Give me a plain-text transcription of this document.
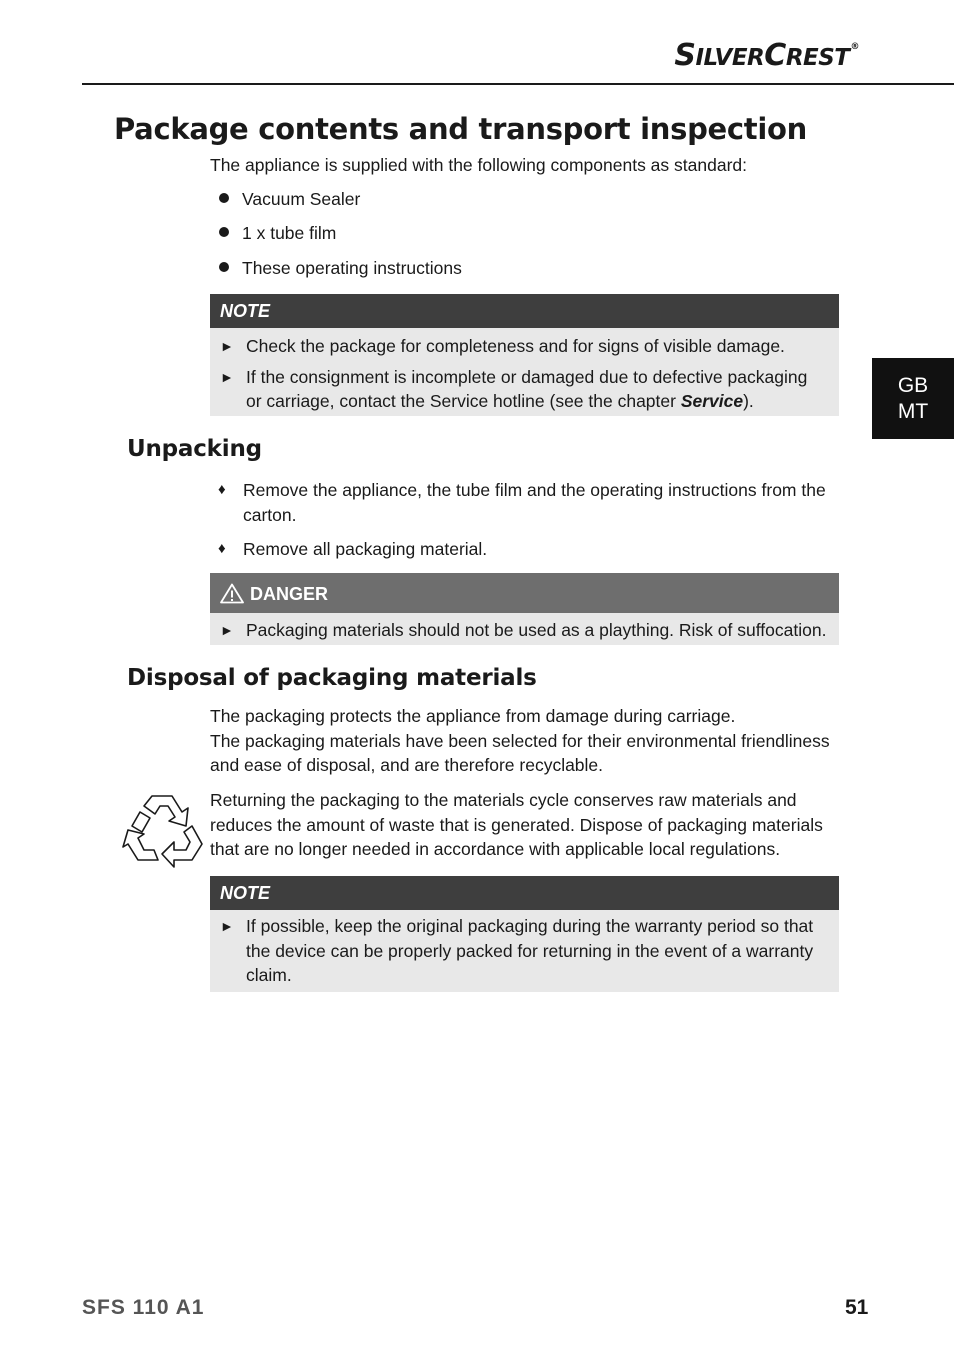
SILVERCREST®
GB
MT
Package contents and transport inspection
The appliance is supplied with the following components as standard:
Vacuum Sealer
1 x tube film
These operating instructions
NOTE
► Check the package for completeness and for signs of visible damage.
► If the consignment is incomplete or damaged due to defective packaging or carriage, contact the Service hotline (see the chapter Service).
Unpacking
♦ Remove the appliance, the tube film and the operating instructions from the carton.
♦ Remove all packaging material.
DANGER
► Packaging materials should not be used as a plaything. Risk of suffocation.
Disposal of packaging materials
The packaging protects the appliance from damage during carriage.
The packaging materials have been selected for their environmental friendliness and ease of disposal, and are therefore recyclable.
Returning the packaging to the materials cycle conserves raw materials and reduces the amount of waste that is generated. Dispose of packaging materials that are no longer needed in accordance with applicable local regulations.
NOTE
► If possible, keep the original packaging during the warranty period so that the device can be properly packed for returning in the event of a warranty claim.
SFS 110 A1	51
